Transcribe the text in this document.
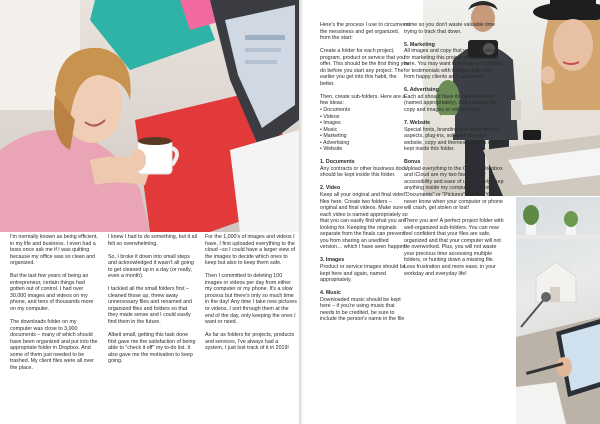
I'm normally known as being efficient, in my life and business. I even had a boss once ask me if I was quitting because my office was so clean and organized.

But the last few years of being an entrepreneur, certain things had gotten out of control. I had over 30,000 images and videos on my phone, and tens of thousands more on my computer.

The downloads folder on my computer was close to 3,000 documents – many of which should have been organized and put into the appropriate folder in Dropbox. And some of them just needed to be trashed. My client files were all over the place.

I knew I had to do something, but it all felt so overwhelming.

So, I broke it down into small steps and acknowledged it wasn't all going to get cleaned up in a day (or really, even a month).

I tackled all the small folders first – cleaned those up, threw away unnecessary files and renamed and organized files and folders so that they made sense and I could easily find them in the future.

Albeit small, getting this task done first gave me the satisfaction of being able to "check it off" my to-do list. It also gave me the motivation to keep going.

For the 1,000's of images and videos I have, I first uploaded everything to the cloud –so I could have a larger view of the images to decide which ones to keep but also to keep them safe.

Then I committed to deleting 100 images or videos per day from either my computer or my phone. It's a slow process but there's only so much time in the day! Any time I take new pictures or videos, I sort through them at the end of the day, only keeping the ones I want or need.

As far as folders for projects, products and services, I've always had a system, I just lost track of it in 2019!

Here's the process I use to circumvent the messiness and get organized, from the start:

Create a folder for each project, program, product or service that you offer. This should be the first thing you do before you start any project. The earlier you get into this habit, the better.

Then, create sub-folders. Here are a few ideas:
• Documents
• Videos
• Images
• Music
• Marketing
• Advertising
• Website

1. Documents
Any contracts or other business docs should be kept inside this folder.

2. Video
Keep all your original and final video files here. Create two folders – original and final videos. Make sure each video is named appropriately so that you can easily find what you are looking for. Keeping the originals separate from the finals can prevent you from sharing an unedited version… which I have seen happen!

3. Images
Product or service images should be kept here and again, named appropriately.

4. Music
Downloaded music should be kept here – if you're using music that needs to be credited, be sure to include the person's name in the file

name so you don't waste valuable time trying to track that down.

5. Marketing
All images and copy that you'll be using for marketing this project should be kept here. You may want to include a subfolder for testimonials with images and copy from happy clients and customers.

6. Advertising
Each ad should have its own subfolder (named appropriately), that includes the copy and images or videos used.

7. Website
Special fonts, branding and other design aspects, plug-ins, software for your website, copy and themes / layouts can be kept inside this folder.

Bonus
Upload everything to the Cloud – Dropbox and iCloud are my two favorites for accessibility and ease of use. I rarely keep anything inside my computer's standard "Documents" or "Pictures" folders. You never know when your computer or phone will crash, get stolen or lost!

There you are! A perfect project folder with well-organized sub-folders. You can now feel confident that your files are safe, organized and that your computer will not be overworked. Plus, you will not waste your precious time accessing multiple folders, or hunting down a missing file. Less frustration and more ease, in your workday and everyday life!
